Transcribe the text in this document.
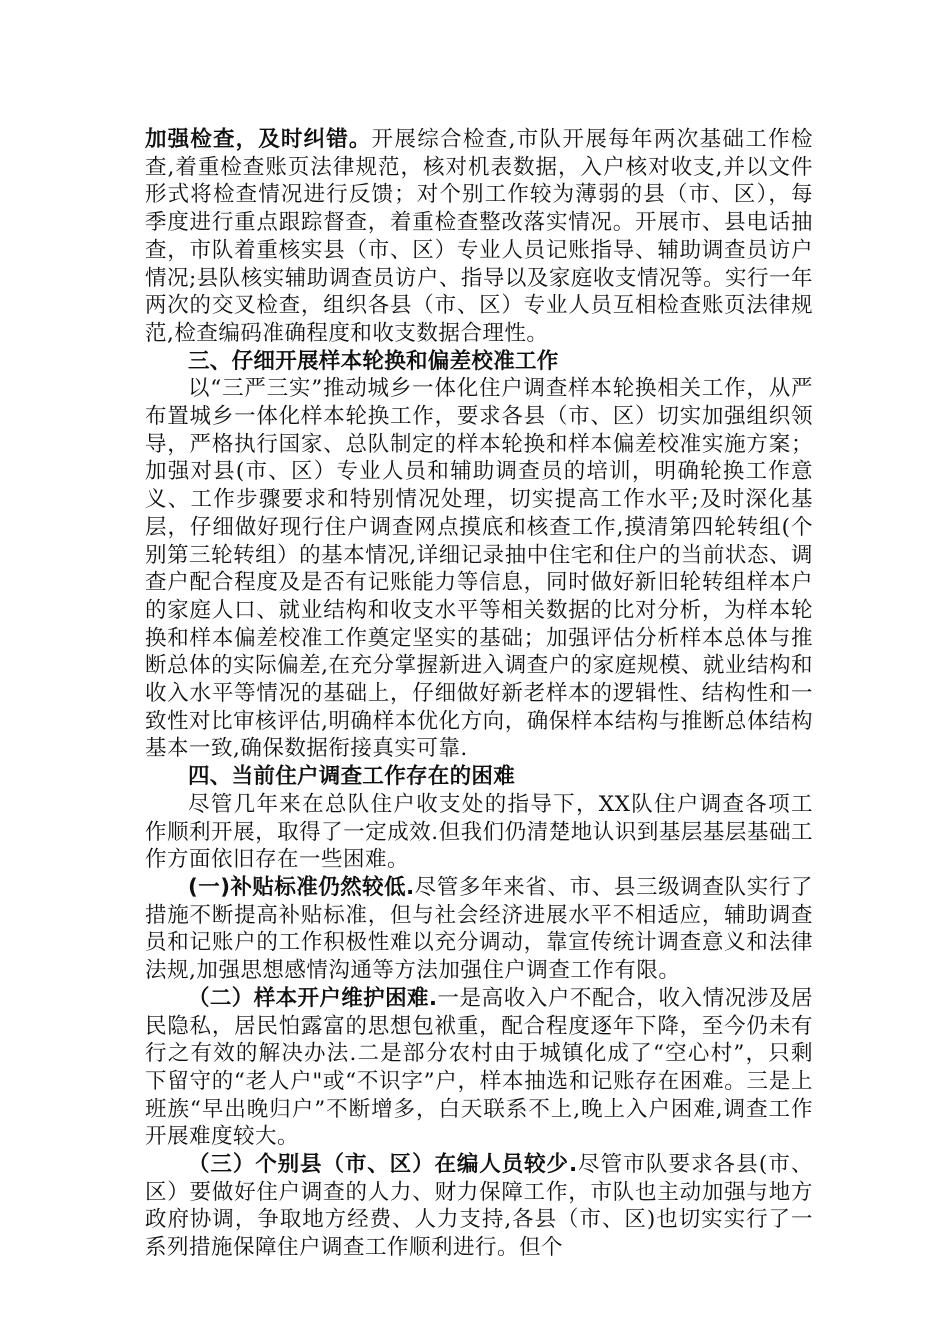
加强检查，及时纠错。开展综合检查,市队开展每年两次基础工作检查,着重检查账页法律规范，核对机表数据，入户核对收支,并以文件形式将检查情况进行反馈；对个别工作较为薄弱的县（市、区），每季度进行重点跟踪督查，着重检查整改落实情况。开展市、县电话抽查，市队着重核实县（市、区）专业人员记账指导、辅助调查员访户情况;县队核实辅助调查员访户、指导以及家庭收支情况等。实行一年两次的交叉检查，组织各县（市、区）专业人员互相检查账页法律规范,检查编码准确程度和收支数据合理性。

三、仔细开展样本轮换和偏差校准工作

以“三严三实”推动城乡一体化住户调查样本轮换相关工作，从严布置城乡一体化样本轮换工作，要求各县（市、区）切实加强组织领导，严格执行国家、总队制定的样本轮换和样本偏差校准实施方案；加强对县(市、区）专业人员和辅助调查员的培训，明确轮换工作意义、工作步骤要求和特别情况处理，切实提高工作水平;及时深化基层，仔细做好现行住户调查网点摸底和核查工作,摸清第四轮转组(个别第三轮转组）的基本情况,详细记录抽中住宅和住户的当前状态、调查户配合程度及是否有记账能力等信息，同时做好新旧轮转组样本户的家庭人口、就业结构和收支水平等相关数据的比对分析，为样本轮换和样本偏差校准工作奠定坚实的基础；加强评估分析样本总体与推断总体的实际偏差,在充分掌握新进入调查户的家庭规模、就业结构和收入水平等情况的基础上，仔细做好新老样本的逻辑性、结构性和一致性对比审核评估,明确样本优化方向，确保样本结构与推断总体结构基本一致,确保数据衔接真实可靠.

四、当前住户调查工作存在的困难

尽管几年来在总队住户收支处的指导下，XX队住户调查各项工作顺利开展，取得了一定成效.但我们仍清楚地认识到基层基层基础工作方面依旧存在一些困难。

(一)补贴标准仍然较低.尽管多年来省、市、县三级调查队实行了措施不断提高补贴标准，但与社会经济进展水平不相适应，辅助调查员和记账户的工作积极性难以充分调动，靠宣传统计调查意义和法律法规,加强思想感情沟通等方法加强住户调查工作有限。

（二）样本开户维护困难.一是高收入户不配合，收入情况涉及居民隐私，居民怕露富的思想包袱重，配合程度逐年下降，至今仍未有行之有效的解决办法.二是部分农村由于城镇化成了“空心村”，只剩下留守的“老人户"或“不识字”户，样本抽选和记账存在困难。三是上班族“早出晚归户”不断增多，白天联系不上,晚上入户困难,调查工作开展难度较大。

（三）个别县（市、区）在编人员较少.尽管市队要求各县(市、区）要做好住户调查的人力、财力保障工作，市队也主动加强与地方政府协调，争取地方经费、人力支持,各县（市、区)也切实实行了一系列措施保障住户调查工作顺利进行。但个
